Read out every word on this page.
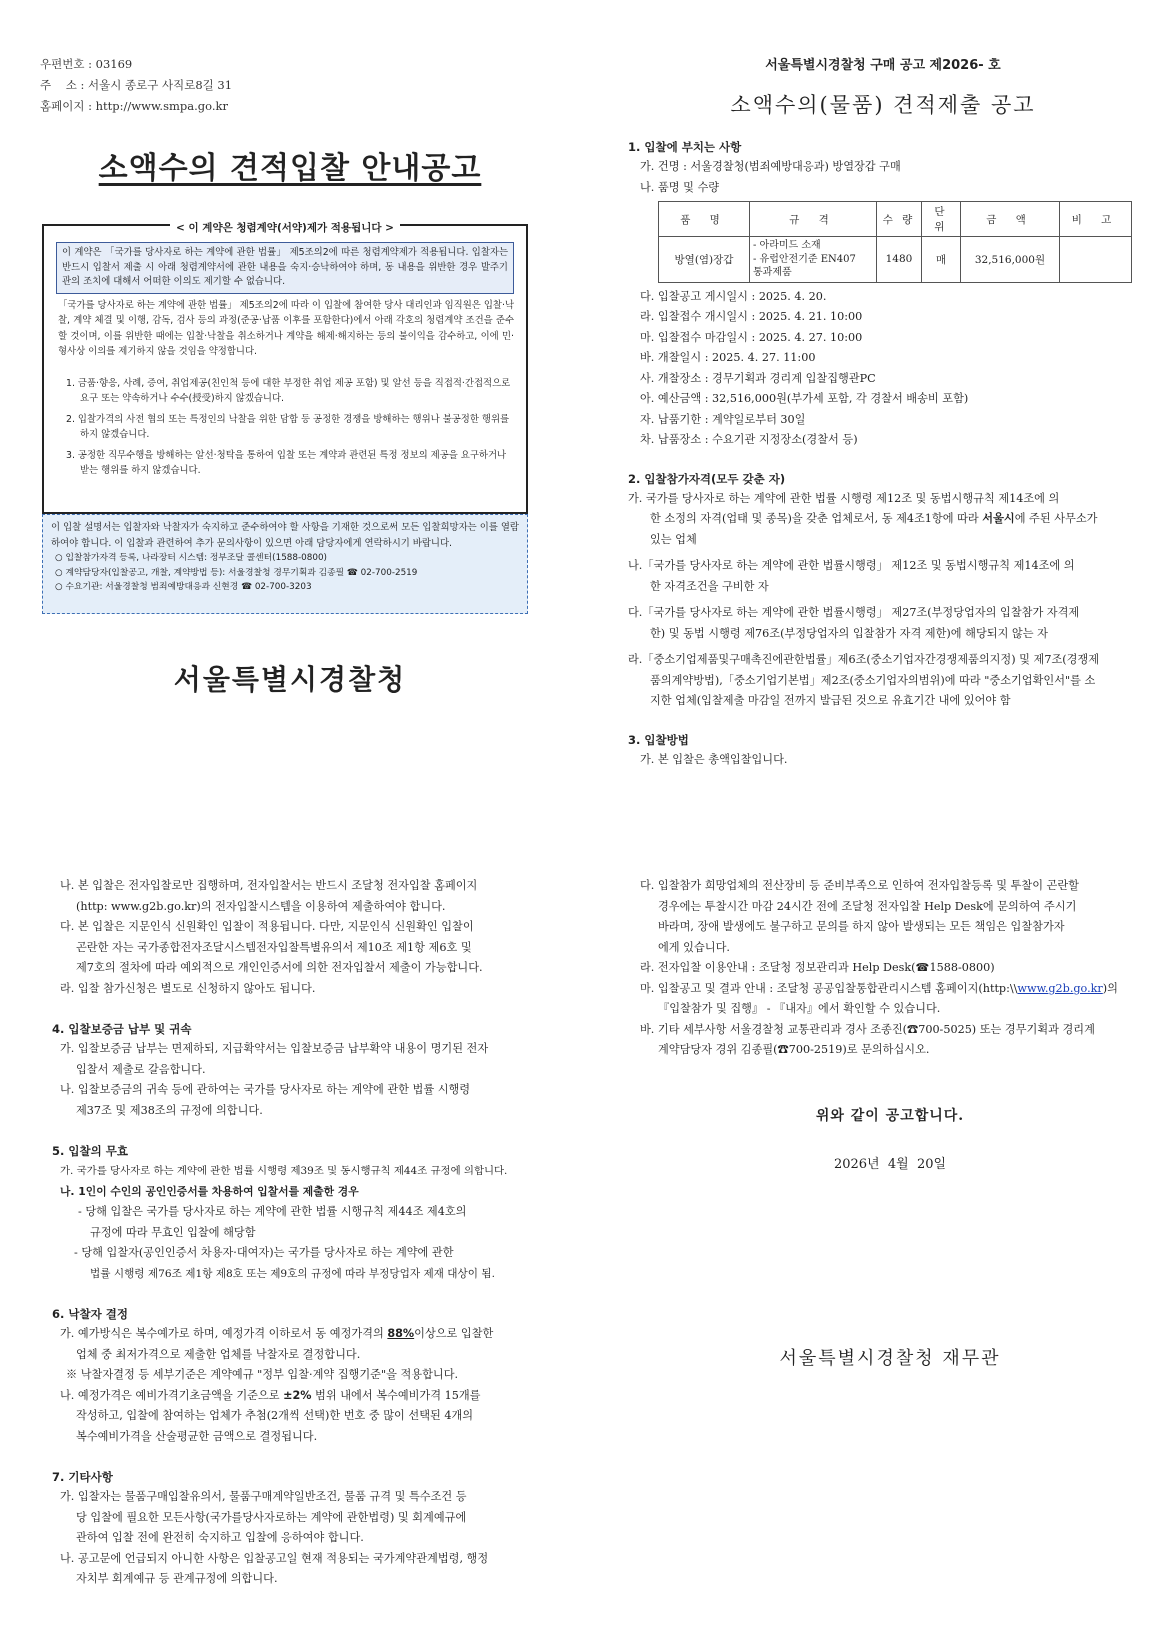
우편번호 : 03169

주    소 : 서울시 종로구 사직로8길 31

홈페이지 : http://www.smpa.go.kr

소액수의 견적입찰 안내공고
< 이 계약은 청렴계약(서약)제가 적용됩니다 >
이 계약은 「국가를 당사자로 하는 계약에 관한 법률」 제5조의2에 따른 청렴계약제가 적용됩니다. 입찰자는 반드시 입찰서 제출 시 아래 청렴계약서에 관한 내용을 숙지·승낙하여야 하며, 동 내용을 위반한 경우 발주기관의 조치에 대해서 어떠한 이의도 제기할 수 없습니다.

「국가를 당사자로 하는 계약에 관한 법률」 제5조의2에 따라 이 입찰에 참여한 당사 대리인과 임직원은 입찰·낙찰, 계약 체결 및 이행, 감독, 검사 등의 과정(준공·납품 이후를 포함한다)에서 아래 각호의 청렴계약 조건을 준수할 것이며, 이를 위반한 때에는 입찰·낙찰을 취소하거나 계약을 해제·해지하는 등의 불이익을 감수하고, 이에 민·형사상 이의를 제기하지 않을 것임을 약정합니다.

1. 금품·향응, 사례, 증여, 취업제공(친인척 등에 대한 부정한 취업 제공 포함) 및 알선 등을 직접적·간접적으로 요구 또는 약속하거나 수수(授受)하지 않겠습니다.
2. 입찰가격의 사전 협의 또는 특정인의 낙찰을 위한 담합 등 공정한 경쟁을 방해하는 행위나 불공정한 행위를 하지 않겠습니다.
3. 공정한 직무수행을 방해하는 알선·청탁을 통하여 입찰 또는 계약과 관련된 특정 정보의 제공을 요구하거나 받는 행위를 하지 않겠습니다.

이 입찰 설명서는 입찰자와 낙찰자가 숙지하고 준수하여야 할 사항을 기재한 것으로써 모든 입찰희망자는 이를 열람하여야 합니다. 이 입찰과 관련하여 추가 문의사항이 있으면 아래 담당자에게 연락하시기 바랍니다.

○ 입찰참가자격 등록, 나라장터 시스템: 정부조달 콜센터(1588-0800)

○ 계약담당자(입찰공고, 개찰, 계약방법 등): 서울경찰청 경무기획과 김종필 ☎ 02-700-2519

○ 수요기관: 서울경찰청 범죄예방대응과 신현경 ☎ 02-700-3203

서울특별시경찰청
서울특별시경찰청 구매 공고 제2026- 호
소액수의(물품) 견적제출 공고

1. 입찰에 부치는 사항

가. 건명 : 서울경찰청(범죄예방대응과) 방열장갑 구매

나. 품명 및 수량

품 명	규 격	수 량	단 위	금 액	비 고
방열(염)장갑	- 아라미드 소재
- 유럽안전기준 EN407
통과제품	1480	매	32,516,000원	

다. 입찰공고 게시일시 : 2025. 4. 20.

라. 입찰접수 개시일시 : 2025. 4. 21. 10:00

마. 입찰접수 마감일시 : 2025. 4. 27. 10:00

바. 개찰일시 : 2025. 4. 27. 11:00

사. 개찰장소 : 경무기획과 경리계 입찰집행관PC

아. 예산금액 : 32,516,000원(부가세 포함, 각 경찰서 배송비 포함)

자. 납품기한 : 계약일로부터 30일

차. 납품장소 : 수요기관 지정장소(경찰서 등)

2. 입찰참가자격(모두 갖춘 자)

가. 국가를 당사자로 하는 계약에 관한 법률 시행령 제12조 및 동법시행규칙 제14조에 의

한 소정의 자격(업태 및 종목)을 갖춘 업체로서, 동 제4조1항에 따라 서울시에 주된 사무소가

있는 업체

나.「국가를 당사자로 하는 계약에 관한 법률시행령」 제12조 및 동법시행규칙 제14조에 의

한 자격조건을 구비한 자

다.「국가를 당사자로 하는 계약에 관한 법률시행령」 제27조(부정당업자의 입찰참가 자격제

한) 및 동법 시행령 제76조(부정당업자의 입찰참가 자격 제한)에 해당되지 않는 자

라.「중소기업제품및구매촉진에관한법률」제6조(중소기업자간경쟁제품의지정) 및 제7조(경쟁제

품의계약방법),「중소기업기본법」제2조(중소기업자의범위)에 따라 "중소기업확인서"를 소

지한 업체(입찰제출 마감일 전까지 발급된 것으로 유효기간 내에 있어야 함

3. 입찰방법

가. 본 입찰은 총액입찰입니다.

나. 본 입찰은 전자입찰로만 집행하며, 전자입찰서는 반드시 조달청 전자입찰 홈페이지

(http: www.g2b.go.kr)의 전자입찰시스템을 이용하여 제출하여야 합니다.

다. 본 입찰은 지문인식 신원확인 입찰이 적용됩니다. 다만, 지문인식 신원확인 입찰이

곤란한 자는 국가종합전자조달시스템전자입찰특별유의서 제10조 제1항 제6호 및

제7호의 절차에 따라 예외적으로 개인인증서에 의한 전자입찰서 제출이 가능합니다.

라. 입찰 참가신청은 별도로 신청하지 않아도 됩니다.

4. 입찰보증금 납부 및 귀속

가. 입찰보증금 납부는 면제하되, 지급확약서는 입찰보증금 납부확약 내용이 명기된 전자

입찰서 제출로 갈음합니다.

나. 입찰보증금의 귀속 등에 관하여는 국가를 당사자로 하는 계약에 관한 법률 시행령

제37조 및 제38조의 규정에 의합니다.

5. 입찰의 무효

가. 국가를 당사자로 하는 계약에 관한 법률 시행령 제39조 및 동시행규칙 제44조 규정에 의합니다.

나. 1인이 수인의 공인인증서를 차용하여 입찰서를 제출한 경우

- 당해 입찰은 국가를 당사자로 하는 계약에 관한 법률 시행규칙 제44조 제4호의

규정에 따라 무효인 입찰에 해당함

- 당해 입찰자(공인인증서 차용자·대여자)는 국가를 당사자로 하는 계약에 관한

법률 시행령 제76조 제1항 제8호 또는 제9호의 규정에 따라 부정당업자 제재 대상이 됨.

6. 낙찰자 결정

가. 예가방식은 복수예가로 하며, 예정가격 이하로서 동 예정가격의 88%이상으로 입찰한

업체 중 최저가격으로 제출한 업체를 낙찰자로 결정합니다.

※ 낙찰자결정 등 세부기준은 계약예규 "정부 입찰·계약 집행기준"을 적용합니다.

나. 예정가격은 예비가격기초금액을 기준으로 ±2% 범위 내에서 복수예비가격 15개를

작성하고, 입찰에 참여하는 업체가 추첨(2개씩 선택)한 번호 중 많이 선택된 4개의

복수예비가격을 산술평균한 금액으로 결정됩니다.

7. 기타사항

가. 입찰자는 물품구매입찰유의서, 물품구매계약일반조건, 물품 규격 및 특수조건 등

당 입찰에 필요한 모든사항(국가를당사자로하는 계약에 관한법령) 및 회계예규에

관하여 입찰 전에 완전히 숙지하고 입찰에 응하여야 합니다.

나. 공고문에 언급되지 아니한 사항은 입찰공고일 현재 적용되는 국가계약관계법령, 행정

자치부 회계예규 등 관계규정에 의합니다.

다. 입찰참가 희망업체의 전산장비 등 준비부족으로 인하여 전자입찰등록 및 투찰이 곤란할

경우에는 투찰시간 마감 24시간 전에 조달청 전자입찰 Help Desk에 문의하여 주시기

바라며, 장애 발생에도 불구하고 문의를 하지 않아 발생되는 모든 책임은 입찰참가자

에게 있습니다.

라. 전자입찰 이용안내 : 조달청 정보관리과 Help Desk(☎1588-0800)

마. 입찰공고 및 결과 안내 : 조달청 공공입찰통합관리시스템 홈페이지(http:\\www.g2b.go.kr)의

『입찰참가 및 집행』 - 『내자』에서 확인할 수 있습니다.

바. 기타 세부사항 서울경찰청 교통관리과 경사 조종진(☎700-5025) 또는 경무기획과 경리계

계약담당자 경위 김종필(☎700-2519)로 문의하십시오.

위와 같이 공고합니다.

2026년  4월  20일

서울특별시경찰청 재무관
